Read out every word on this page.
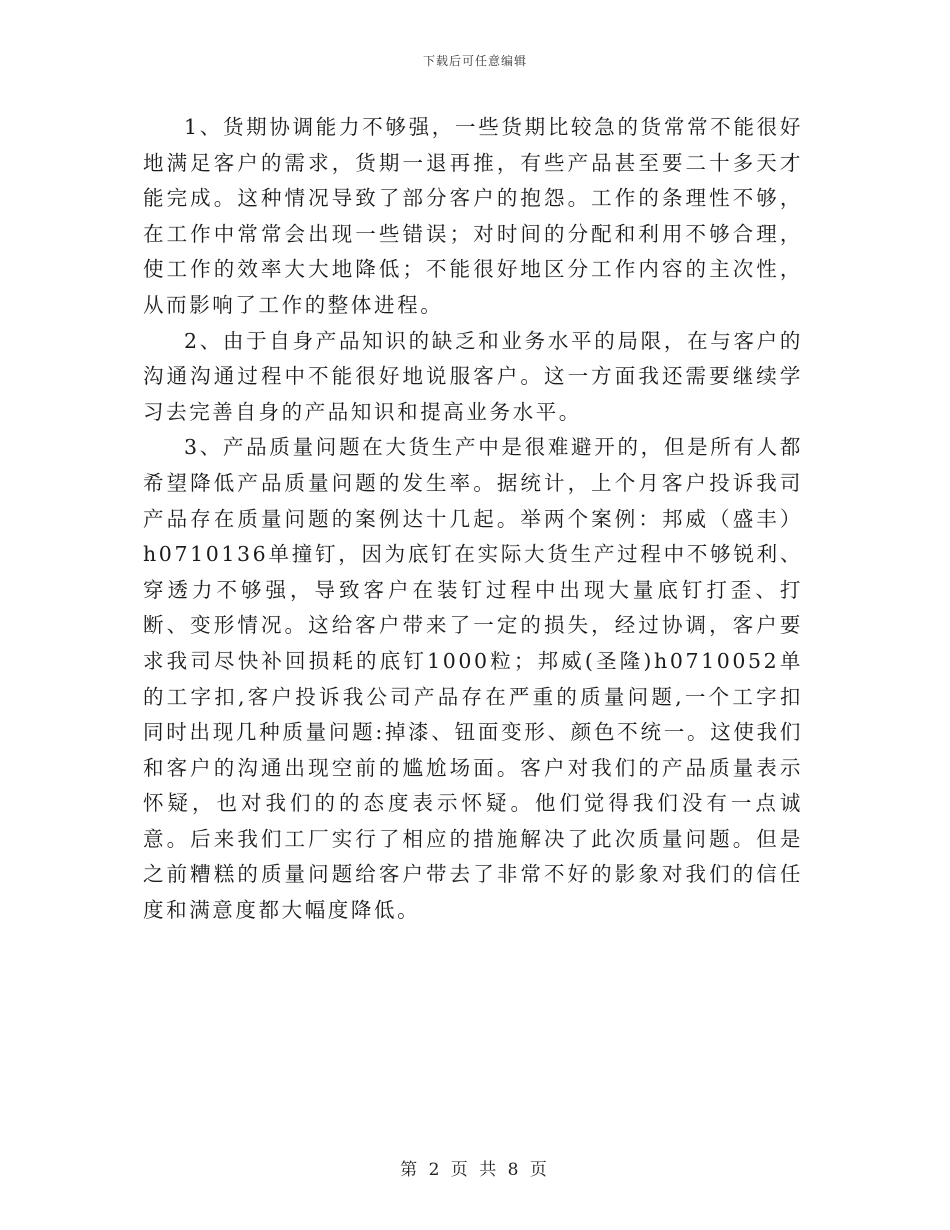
下载后可任意编辑

1、货期协调能力不够强，一些货期比较急的货常常不能很好地满足客户的需求，货期一退再推，有些产品甚至要二十多天才能完成。这种情况导致了部分客户的抱怨。工作的条理性不够，在工作中常常会出现一些错误；对时间的分配和利用不够合理，使工作的效率大大地降低；不能很好地区分工作内容的主次性，从而影响了工作的整体进程。

2、由于自身产品知识的缺乏和业务水平的局限，在与客户的沟通沟通过程中不能很好地说服客户。这一方面我还需要继续学习去完善自身的产品知识和提高业务水平。

3、产品质量问题在大货生产中是很难避开的，但是所有人都希望降低产品质量问题的发生率。据统计，上个月客户投诉我司产品存在质量问题的案例达十几起。举两个案例：邦威（盛丰）h0710136单撞钉，因为底钉在实际大货生产过程中不够锐利、穿透力不够强，导致客户在装钉过程中出现大量底钉打歪、打断、变形情况。这给客户带来了一定的损失，经过协调，客户要求我司尽快补回损耗的底钉1000粒；邦威(圣隆)h0710052单的工字扣,客户投诉我公司产品存在严重的质量问题,一个工字扣同时出现几种质量问题:掉漆、钮面变形、颜色不统一。这使我们和客户的沟通出现空前的尴尬场面。客户对我们的产品质量表示怀疑，也对我们的的态度表示怀疑。他们觉得我们没有一点诚意。后来我们工厂实行了相应的措施解决了此次质量问题。但是之前糟糕的质量问题给客户带去了非常不好的影象对我们的信任度和满意度都大幅度降低。

第 2 页 共 8 页
